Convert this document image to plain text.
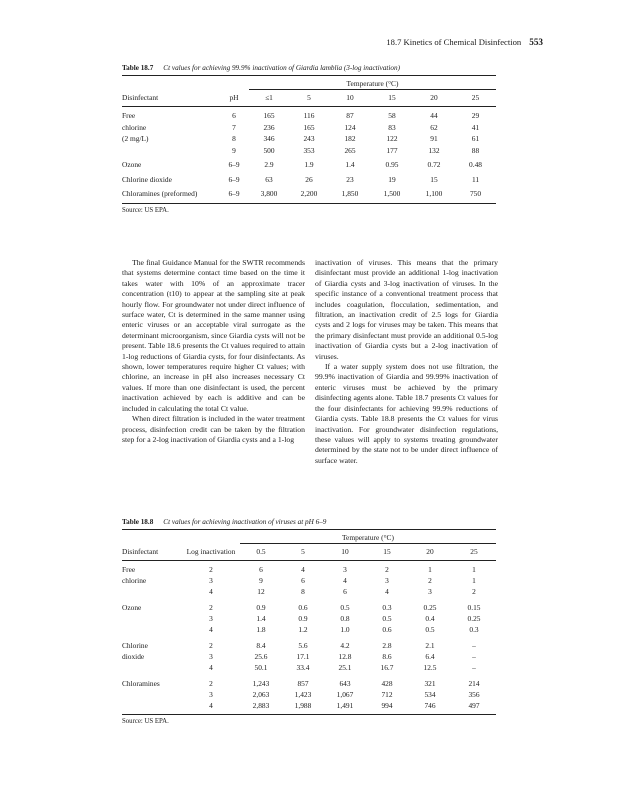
18.7 Kinetics of Chemical Disinfection 553
Table 18.7 Ct values for achieving 99.9% inactivation of Giardia lamblia (3-log inactivation)
		Temperature (°C)					
Disinfectant	pH	≤1	5	10	15	20	25
Free	6	165	116	87	58	44	29
chlorine	7	236	165	124	83	62	41
(2 mg/L)	8	346	243	182	122	91	61
	9	500	353	265	177	132	88
Ozone	6–9	2.9	1.9	1.4	0.95	0.72	0.48
Chlorine dioxide	6–9	63	26	23	19	15	11
Chloramines (preformed)	6–9	3,800	2,200	1,850	1,500	1,100	750
Source: US EPA.

The final Guidance Manual for the SWTR recommends that systems determine contact time based on the time it takes water with 10% of an approximate tracer concentration (t10) to appear at the sampling site at peak hourly flow. For groundwater not under direct influence of surface water, Ct is determined in the same manner using enteric viruses or an acceptable viral surrogate as the determinant microorganism, since Giardia cysts will not be present. Table 18.6 presents the Ct values required to attain 1-log reductions of Giardia cysts, for four disinfectants. As shown, lower temperatures require higher Ct values; with chlorine, an increase in pH also increases necessary Ct values. If more than one disinfectant is used, the percent inactivation achieved by each is additive and can be included in calculating the total Ct value.

When direct filtration is included in the water treatment process, disinfection credit can be taken by the filtration step for a 2-log inactivation of Giardia cysts and a 1-log

inactivation of viruses. This means that the primary disinfectant must provide an additional 1-log inactivation of Giardia cysts and 3-log inactivation of viruses. In the specific instance of a conventional treatment process that includes coagulation, flocculation, sedimentation, and filtration, an inactivation credit of 2.5 logs for Giardia cysts and 2 logs for viruses may be taken. This means that the primary disinfectant must provide an additional 0.5-log inactivation of Giardia cysts but a 2-log inactivation of viruses.

If a water supply system does not use filtration, the 99.9% inactivation of Giardia and 99.99% inactivation of enteric viruses must be achieved by the primary disinfecting agents alone. Table 18.7 presents Ct values for the four disinfectants for achieving 99.9% reductions of Giardia cysts. Table 18.8 presents the Ct values for virus inactivation. For groundwater disinfection regulations, these values will apply to systems treating groundwater determined by the state not to be under direct influence of surface water.

Table 18.8 Ct values for achieving inactivation of viruses at pH 6–9
		Temperature (°C)					
Disinfectant	Log inactivation	0.5	5	10	15	20	25
Free	2	6	4	3	2	1	1
chlorine	3	9	6	4	3	2	1
	4	12	8	6	4	3	2
Ozone	2	0.9	0.6	0.5	0.3	0.25	0.15
	3	1.4	0.9	0.8	0.5	0.4	0.25
	4	1.8	1.2	1.0	0.6	0.5	0.3
Chlorine	2	8.4	5.6	4.2	2.8	2.1	–
dioxide	3	25.6	17.1	12.8	8.6	6.4	–
	4	50.1	33.4	25.1	16.7	12.5	–
Chloramines	2	1,243	857	643	428	321	214
	3	2,063	1,423	1,067	712	534	356
	4	2,883	1,988	1,491	994	746	497
Source: US EPA.
